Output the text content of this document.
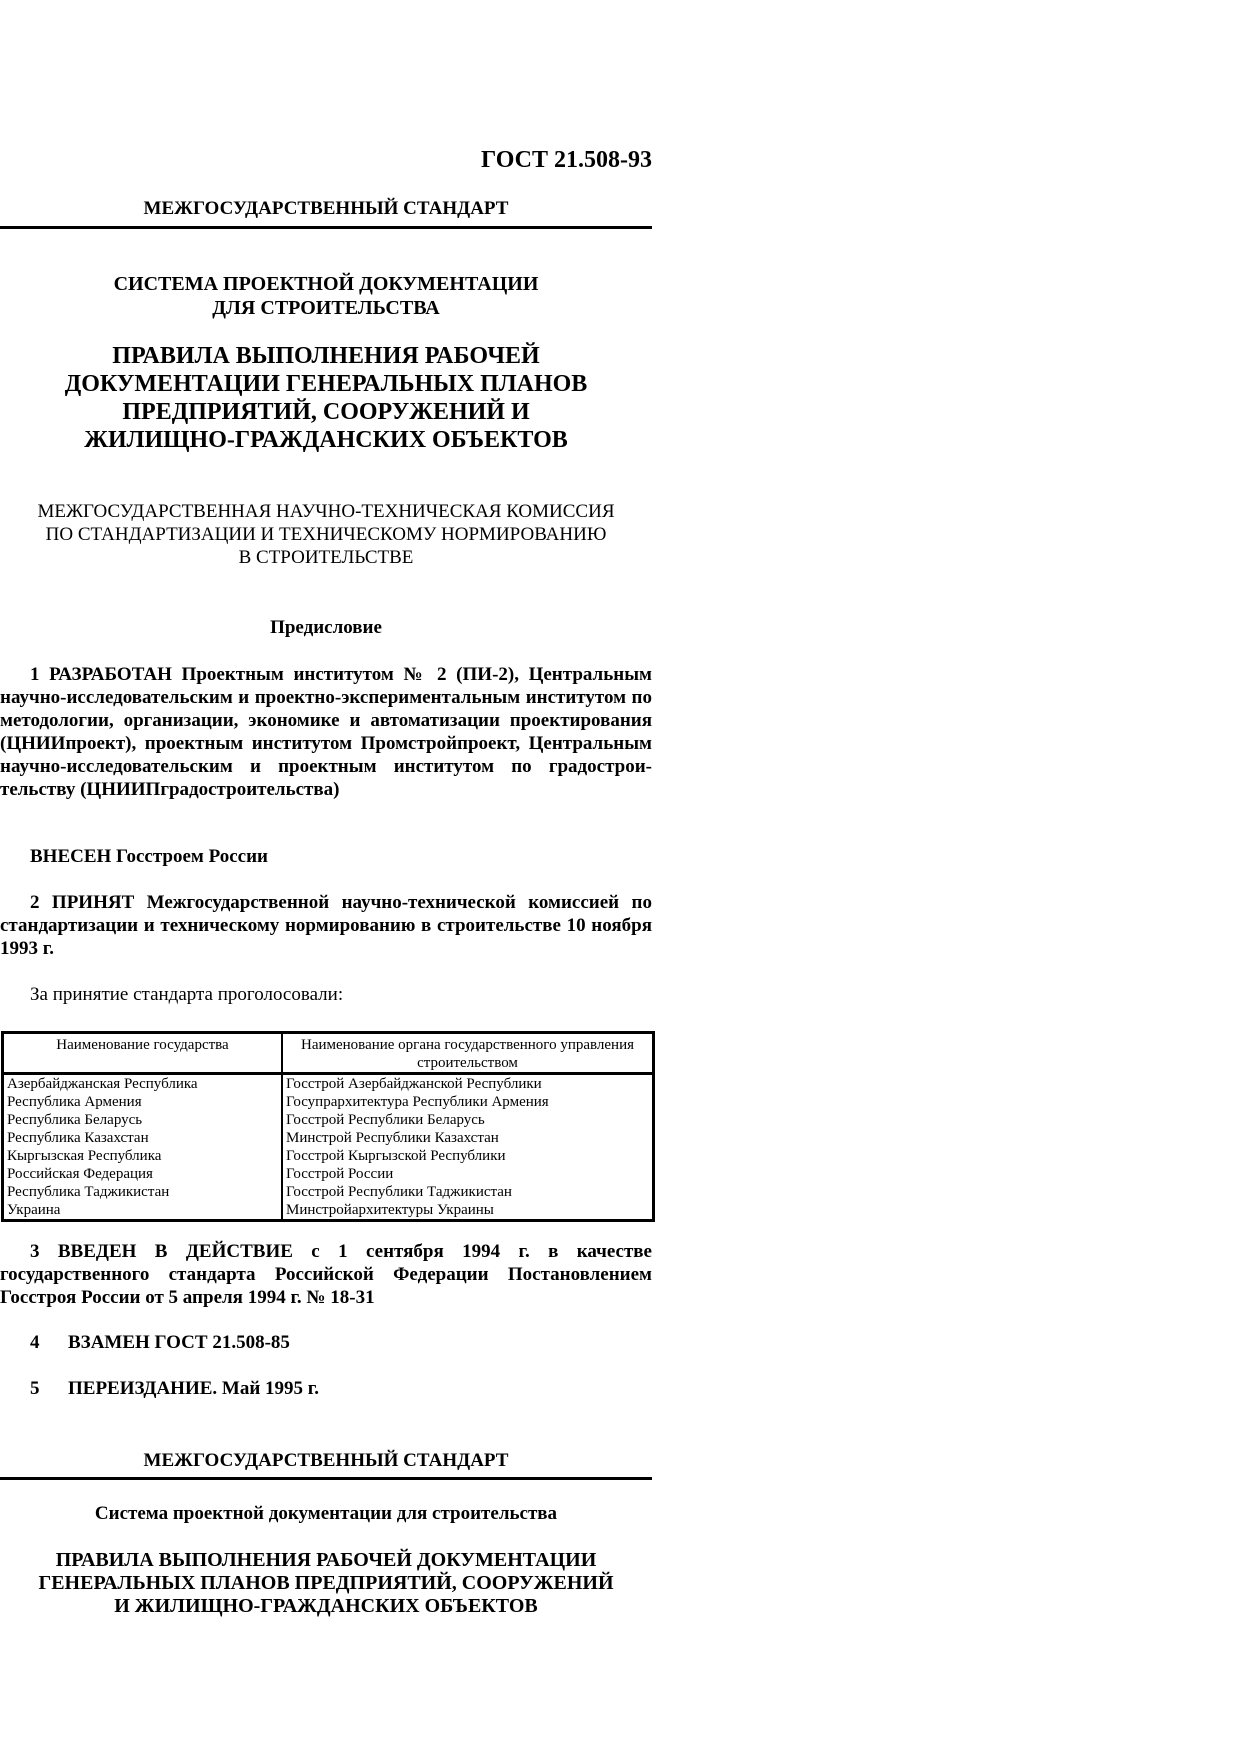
ГОСТ 21.508-93
МЕЖГОСУДАРСТВЕННЫЙ СТАНДАРТ
СИСТЕМА ПРОЕКТНОЙ ДОКУМЕНТАЦИИ
ДЛЯ СТРОИТЕЛЬСТВА
ПРАВИЛА ВЫПОЛНЕНИЯ РАБОЧЕЙ
ДОКУМЕНТАЦИИ ГЕНЕРАЛЬНЫХ ПЛАНОВ
ПРЕДПРИЯТИЙ, СООРУЖЕНИЙ И
ЖИЛИЩНО-ГРАЖДАНСКИХ ОБЪЕКТОВ
МЕЖГОСУДАРСТВЕННАЯ НАУЧНО-ТЕХНИЧЕСКАЯ КОМИССИЯ
ПО СТАНДАРТИЗАЦИИ И ТЕХНИЧЕСКОМУ НОРМИРОВАНИЮ
В СТРОИТЕЛЬСТВЕ
Предисловие
1 РАЗРАБОТАН Проектным институтом № 2 (ПИ-2), Центральным научно-исследовательским и проектно-экспериментальным институтом по методологии, организации, экономике и автоматизации проектирования (ЦНИИпроект), проектным институтом Промстройпроект, Центральным научно-исследовательским и проектным институтом по градострои-тельству (ЦНИИПградостроительства)
ВНЕСЕН Госстроем России
2 ПРИНЯТ Межгосударственной научно-технической комиссией по стандартизации и техническому нормированию в строительстве 10 ноября 1993 г.
За принятие стандарта проголосовали:
Наименование государства	Наименование органа государственного управления строительством
Азербайджанская Республика	Госстрой Азербайджанской Республики
Республика Армения	Госупрархитектура Республики Армения
Республика Беларусь	Госстрой Республики Беларусь
Республика Казахстан	Минстрой Республики Казахстан
Кыргызская Республика	Госстрой Кыргызской Республики
Российская Федерация	Госстрой России
Республика Таджикистан	Госстрой Республики Таджикистан
Украина	Минстройархитектуры Украины
3 ВВЕДЕН В ДЕЙСТВИЕ с 1 сентября 1994 г. в качестве государственного стандарта Российской Федерации Постановлением Госстроя России от 5 апреля 1994 г. № 18-31
4 ВЗАМЕН ГОСТ 21.508-85
5 ПЕРЕИЗДАНИЕ. Май 1995 г.
МЕЖГОСУДАРСТВЕННЫЙ СТАНДАРТ
Система проектной документации для строительства
ПРАВИЛА ВЫПОЛНЕНИЯ РАБОЧЕЙ ДОКУМЕНТАЦИИ
ГЕНЕРАЛЬНЫХ ПЛАНОВ ПРЕДПРИЯТИЙ, СООРУЖЕНИЙ
И ЖИЛИЩНО-ГРАЖДАНСКИХ ОБЪЕКТОВ
